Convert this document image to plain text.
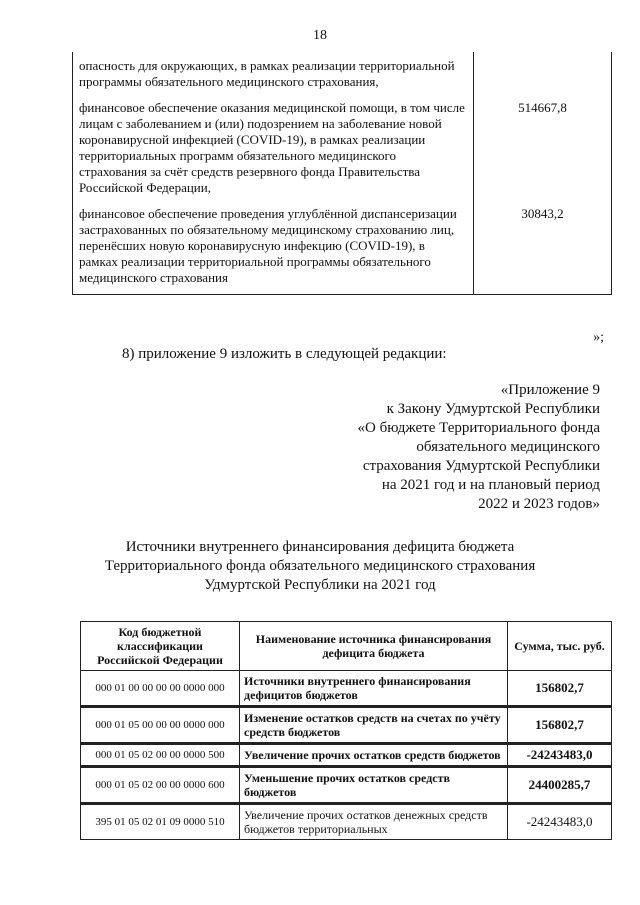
18
опасность для окружающих, в рамках реализации территориальной программы обязательного медицинского страхования,	
финансовое обеспечение оказания медицинской помощи, в том числе лицам с заболеванием и (или) подозрением на заболевание новой коронавирусной инфекцией (COVID-19), в рамках реализации территориальных программ обязательного медицинского страхования за счёт средств резервного фонда Правительства Российской Федерации,	514667,8
финансовое обеспечение проведения углублённой диспансеризации застрахованных по обязательному медицинскому страхованию лиц, перенёсших новую коронавирусную инфекцию (COVID-19), в рамках реализации территориальной программы обязательного медицинского страхования	30843,2
»;
8) приложение 9 изложить в следующей редакции:
«Приложение 9
к Закону Удмуртской Республики
«О бюджете Территориального фонда
обязательного медицинского
страхования Удмуртской Республики
на 2021 год и на плановый период
2022 и 2023 годов»
Источники внутреннего финансирования дефицита бюджета
Территориального фонда обязательного медицинского страхования
Удмуртской Республики на 2021 год
Код бюджетной классификации Российской Федерации	Наименование источника финансирования дефицита бюджета	Сумма, тыс. руб.
000 01 00 00 00 00 0000 000	Источники внутреннего финансирования дефицитов бюджетов	156802,7
000 01 05 00 00 00 0000 000	Изменение остатков средств на счетах по учёту средств бюджетов	156802,7
000 01 05 02 00 00 0000 500	Увеличение прочих остатков средств бюджетов	-24243483,0
000 01 05 02 00 00 0000 600	Уменьшение прочих остатков средств бюджетов	24400285,7
395 01 05 02 01 09 0000 510	Увеличение прочих остатков денежных средств бюджетов территориальных	-24243483,0
